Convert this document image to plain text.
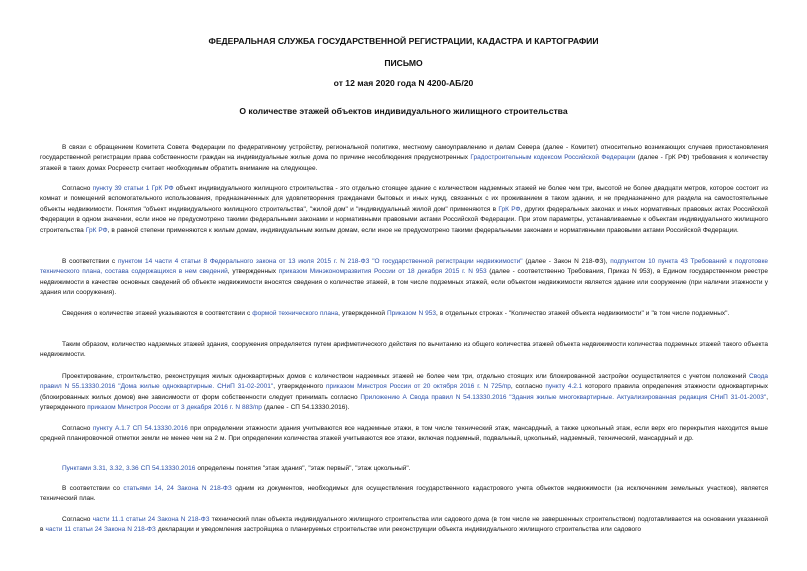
ФЕДЕРАЛЬНАЯ СЛУЖБА ГОСУДАРСТВЕННОЙ РЕГИСТРАЦИИ, КАДАСТРА И КАРТОГРАФИИ
ПИСЬМО
от 12 мая 2020 года N 4200-АБ/20
О количестве этажей объектов индивидуального жилищного строительства
В связи с обращением Комитета Совета Федерации по федеративному устройству, региональной политике, местному самоуправлению и делам Севера (далее - Комитет) относительно возникающих случаев приостановления государственной регистрации права собственности граждан на индивидуальные жилые дома по причине несоблюдения предусмотренных Градостроительным кодексом Российской Федерации (далее - ГрК РФ) требования к количеству этажей в таких домах Росреестр считает необходимым обратить внимание на следующее.
Согласно пункту 39 статьи 1 ГрК РФ объект индивидуального жилищного строительства - это отдельно стоящее здание с количеством надземных этажей не более чем три, высотой не более двадцати метров, которое состоит из комнат и помещений вспомогательного использования, предназначенных для удовлетворения гражданами бытовых и иных нужд, связанных с их проживанием в таком здании, и не предназначено для раздела на самостоятельные объекты недвижимости. Понятия "объект индивидуального жилищного строительства", "жилой дом" и "индивидуальный жилой дом" применяются в ГрК РФ, других федеральных законах и иных нормативных правовых актах Российской Федерации в одном значении, если иное не предусмотрено такими федеральными законами и нормативными правовыми актами Российской Федерации. При этом параметры, устанавливаемые к объектам индивидуального жилищного строительства ГрК РФ, в равной степени применяются к жилым домам, индивидуальным жилым домам, если иное не предусмотрено такими федеральными законами и нормативными правовыми актами Российской Федерации.
В соответствии с пунктом 14 части 4 статьи 8 Федерального закона от 13 июля 2015 г. N 218-ФЗ "О государственной регистрации недвижимости" (далее - Закон N 218-ФЗ), подпунктом 10 пункта 43 Требований к подготовке технического плана, состава содержащихся в нем сведений, утвержденных приказом Минэкономразвития России от 18 декабря 2015 г. N 953 (далее - соответственно Требования, Приказ N 953), в Едином государственном реестре недвижимости в качестве основных сведений об объекте недвижимости вносятся сведения о количестве этажей, в том числе подземных этажей, если объектом недвижимости является здание или сооружение (при наличии этажности у здания или сооружения).
Сведения о количестве этажей указываются в соответствии с формой технического плана, утвержденной Приказом N 953, в отдельных строках - "Количество этажей объекта недвижимости" и "в том числе подземных".
Таким образом, количество надземных этажей здания, сооружения определяется путем арифметического действия по вычитанию из общего количества этажей объекта недвижимости количества подземных этажей такого объекта недвижимости.
Проектирование, строительство, реконструкция жилых одноквартирных домов с количеством надземных этажей не более чем три, отдельно стоящих или блокированной застройки осуществляется с учетом положений Свода правил N 55.13330.2016 "Дома жилые одноквартирные. СНиП 31-02-2001", утвержденного приказом Минстроя России от 20 октября 2016 г. N 725/пр, согласно пункту 4.2.1 которого правила определения этажности одноквартирных (блокированных жилых домов) вне зависимости от форм собственности следует принимать согласно Приложению А Свода правил N 54.13330.2016 "Здания жилые многоквартирные. Актуализированная редакция СНиП 31-01-2003", утвержденного приказом Минстроя России от 3 декабря 2016 г. N 883/пр (далее - СП 54.13330.2016).
Согласно пункту А.1.7 СП 54.13330.2016 при определении этажности здания учитываются все надземные этажи, в том числе технический этаж, мансардный, а также цокольный этаж, если верх его перекрытия находится выше средней планировочной отметки земли не менее чем на 2 м. При определении количества этажей учитываются все этажи, включая подземный, подвальный, цокольный, надземный, технический, мансардный и др.
Пунктами 3.31, 3.32, 3.36 СП 54.13330.2016 определены понятия "этаж здания", "этаж первый", "этаж цокольный".
В соответствии со статьями 14, 24 Закона N 218-ФЗ одним из документов, необходимых для осуществления государственного кадастрового учета объектов недвижимости (за исключением земельных участков), является технический план.
Согласно части 11.1 статьи 24 Закона N 218-ФЗ технический план объекта индивидуального жилищного строительства или садового дома (в том числе не завершенных строительством) подготавливается на основании указанной в части 11 статьи 24 Закона N 218-ФЗ декларации и уведомления застройщика о планируемых строительстве или реконструкции объекта индивидуального жилищного строительства или садового
